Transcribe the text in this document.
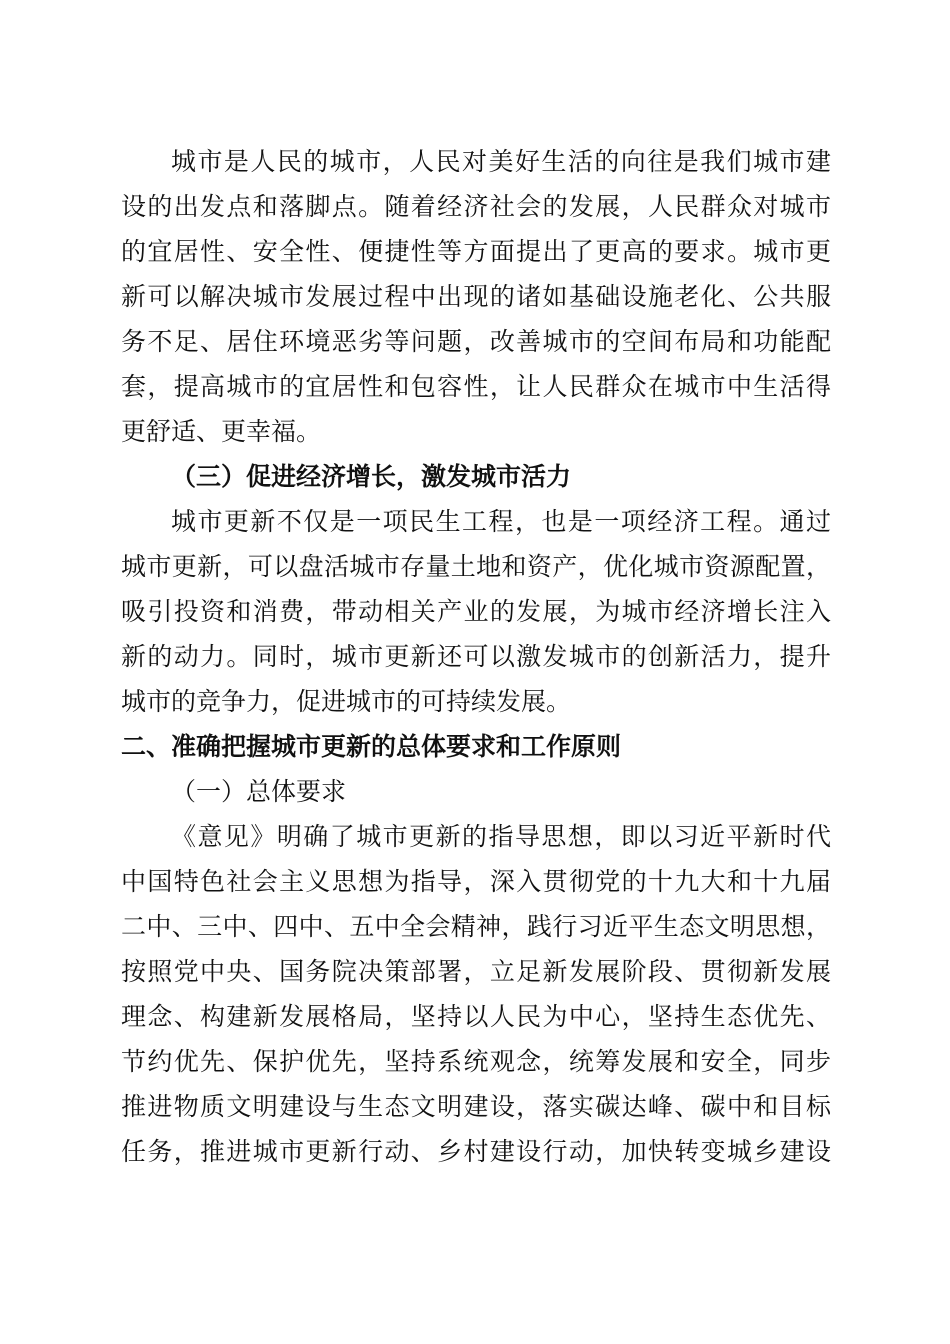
城市是人民的城市，人民对美好生活的向往是我们城市建
设的出发点和落脚点。随着经济社会的发展，人民群众对城市
的宜居性、安全性、便捷性等方面提出了更高的要求。城市更
新可以解决城市发展过程中出现的诸如基础设施老化、公共服
务不足、居住环境恶劣等问题，改善城市的空间布局和功能配
套，提高城市的宜居性和包容性，让人民群众在城市中生活得
更舒适、更幸福。
（三）促进经济增长，激发城市活力
城市更新不仅是一项民生工程，也是一项经济工程。通过
城市更新，可以盘活城市存量土地和资产，优化城市资源配置，
吸引投资和消费，带动相关产业的发展，为城市经济增长注入
新的动力。同时，城市更新还可以激发城市的创新活力，提升
城市的竞争力，促进城市的可持续发展。
二、准确把握城市更新的总体要求和工作原则
（一）总体要求
《意见》明确了城市更新的指导思想，即以习近平新时代
中国特色社会主义思想为指导，深入贯彻党的十九大和十九届
二中、三中、四中、五中全会精神，践行习近平生态文明思想，
按照党中央、国务院决策部署，立足新发展阶段、贯彻新发展
理念、构建新发展格局，坚持以人民为中心，坚持生态优先、
节约优先、保护优先，坚持系统观念，统筹发展和安全，同步
推进物质文明建设与生态文明建设，落实碳达峰、碳中和目标
任务，推进城市更新行动、乡村建设行动，加快转变城乡建设
